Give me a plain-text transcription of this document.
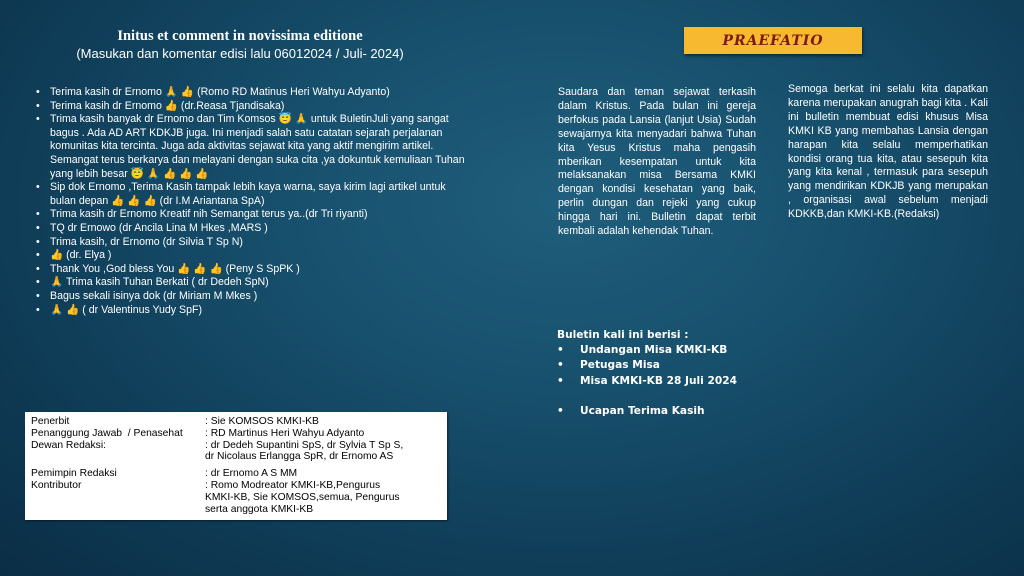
Initus et comment in novissima editione
(Masukan dan komentar edisi lalu 06012024 / Juli- 2024)
• Terima kasih dr Ernomo 🙏 👍 (Romo RD Matinus Heri Wahyu Adyanto)
• Terima kasih dr Ernomo 👍 (dr.Reasa Tjandisaka)
• Trima kasih banyak dr Ernomo dan Tim Komsos 😇 🙏 untuk BuletinJuli yang sangat bagus . Ada AD ART KDKJB juga. Ini menjadi salah satu catatan sejarah perjalanan komunitas kita tercinta. Juga ada aktivitas sejawat kita yang aktif mengirim artikel. Semangat terus berkarya dan melayani dengan suka cita ,ya dokuntuk kemuliaan Tuhan yang lebih besar 😇 🙏 👍 👍 👍
• Sip dok Ernomo ,Terima Kasih tampak lebih kaya warna, saya kirim lagi artikel untuk bulan depan 👍 👍 👍 (dr I.M Ariantana SpA)
• Trima kasih dr Ernomo Kreatif nih Semangat terus ya..(dr Tri riyanti)
• TQ dr Ernowo (dr Ancila Lina M Hkes ,MARS )
• Trima kasih, dr Ernomo (dr Silvia T Sp N)
• 👍 (dr. Elya )
• Thank You ,God bless You 👍 👍 👍 (Peny S SpPK )
• 🙏 Trima kasih Tuhan Berkati ( dr Dedeh SpN)
• Bagus sekali isinya dok (dr Miriam M Mkes )
• 🙏 👍 ( dr Valentinus Yudy SpF)
Penerbit	: Sie KOMSOS KMKI-KB
Penanggung Jawab  / Penasehat	: RD Martinus Heri Wahyu Adyanto
Dewan Redaksi:	: dr Dedeh Supantini SpS, dr Sylvia T Sp S,
dr Nicolaus Erlangga SpR, dr Ernomo AS
Pemimpin Redaksi	: dr Ernomo A S MM
Kontributor	: Romo Modreator KMKI-KB,Pengurus
KMKI-KB, Sie KOMSOS,semua, Pengurus
serta anggota KMKI-KB
PRAEFATIO
Saudara dan teman sejawat terkasih dalam Kristus. Pada bulan ini gereja berfokus pada Lansia (lanjut Usia) Sudah sewajarnya kita menyadari bahwa Tuhan kita Yesus Kristus maha pengasih mberikan kesempatan untuk kita melaksanakan misa Bersama KMKI dengan kondisi kesehatan yang baik, perlin dungan dan rejeki yang cukup hingga hari ini. Bulletin dapat terbit kembali adalah kehendak Tuhan.
Semoga berkat ini selalu kita dapatkan karena merupakan anugrah bagi kita . Kali ini bulletin membuat edisi khusus Misa KMKI KB yang membahas Lansia dengan harapan kita selalu memperhatikan kondisi orang tua kita, atau sesepuh kita yang kita kenal , termasuk para sesepuh yang mendirikan KDKJB yang merupakan , organisasi awal sebelum menjadi KDKKB,dan KMKI-KB.(Redaksi)
Buletin kali ini berisi :
• Undangan Misa KMKI-KB
• Petugas Misa
• Misa KMKI-KB 28 Juli 2024
• Ucapan Terima Kasih
